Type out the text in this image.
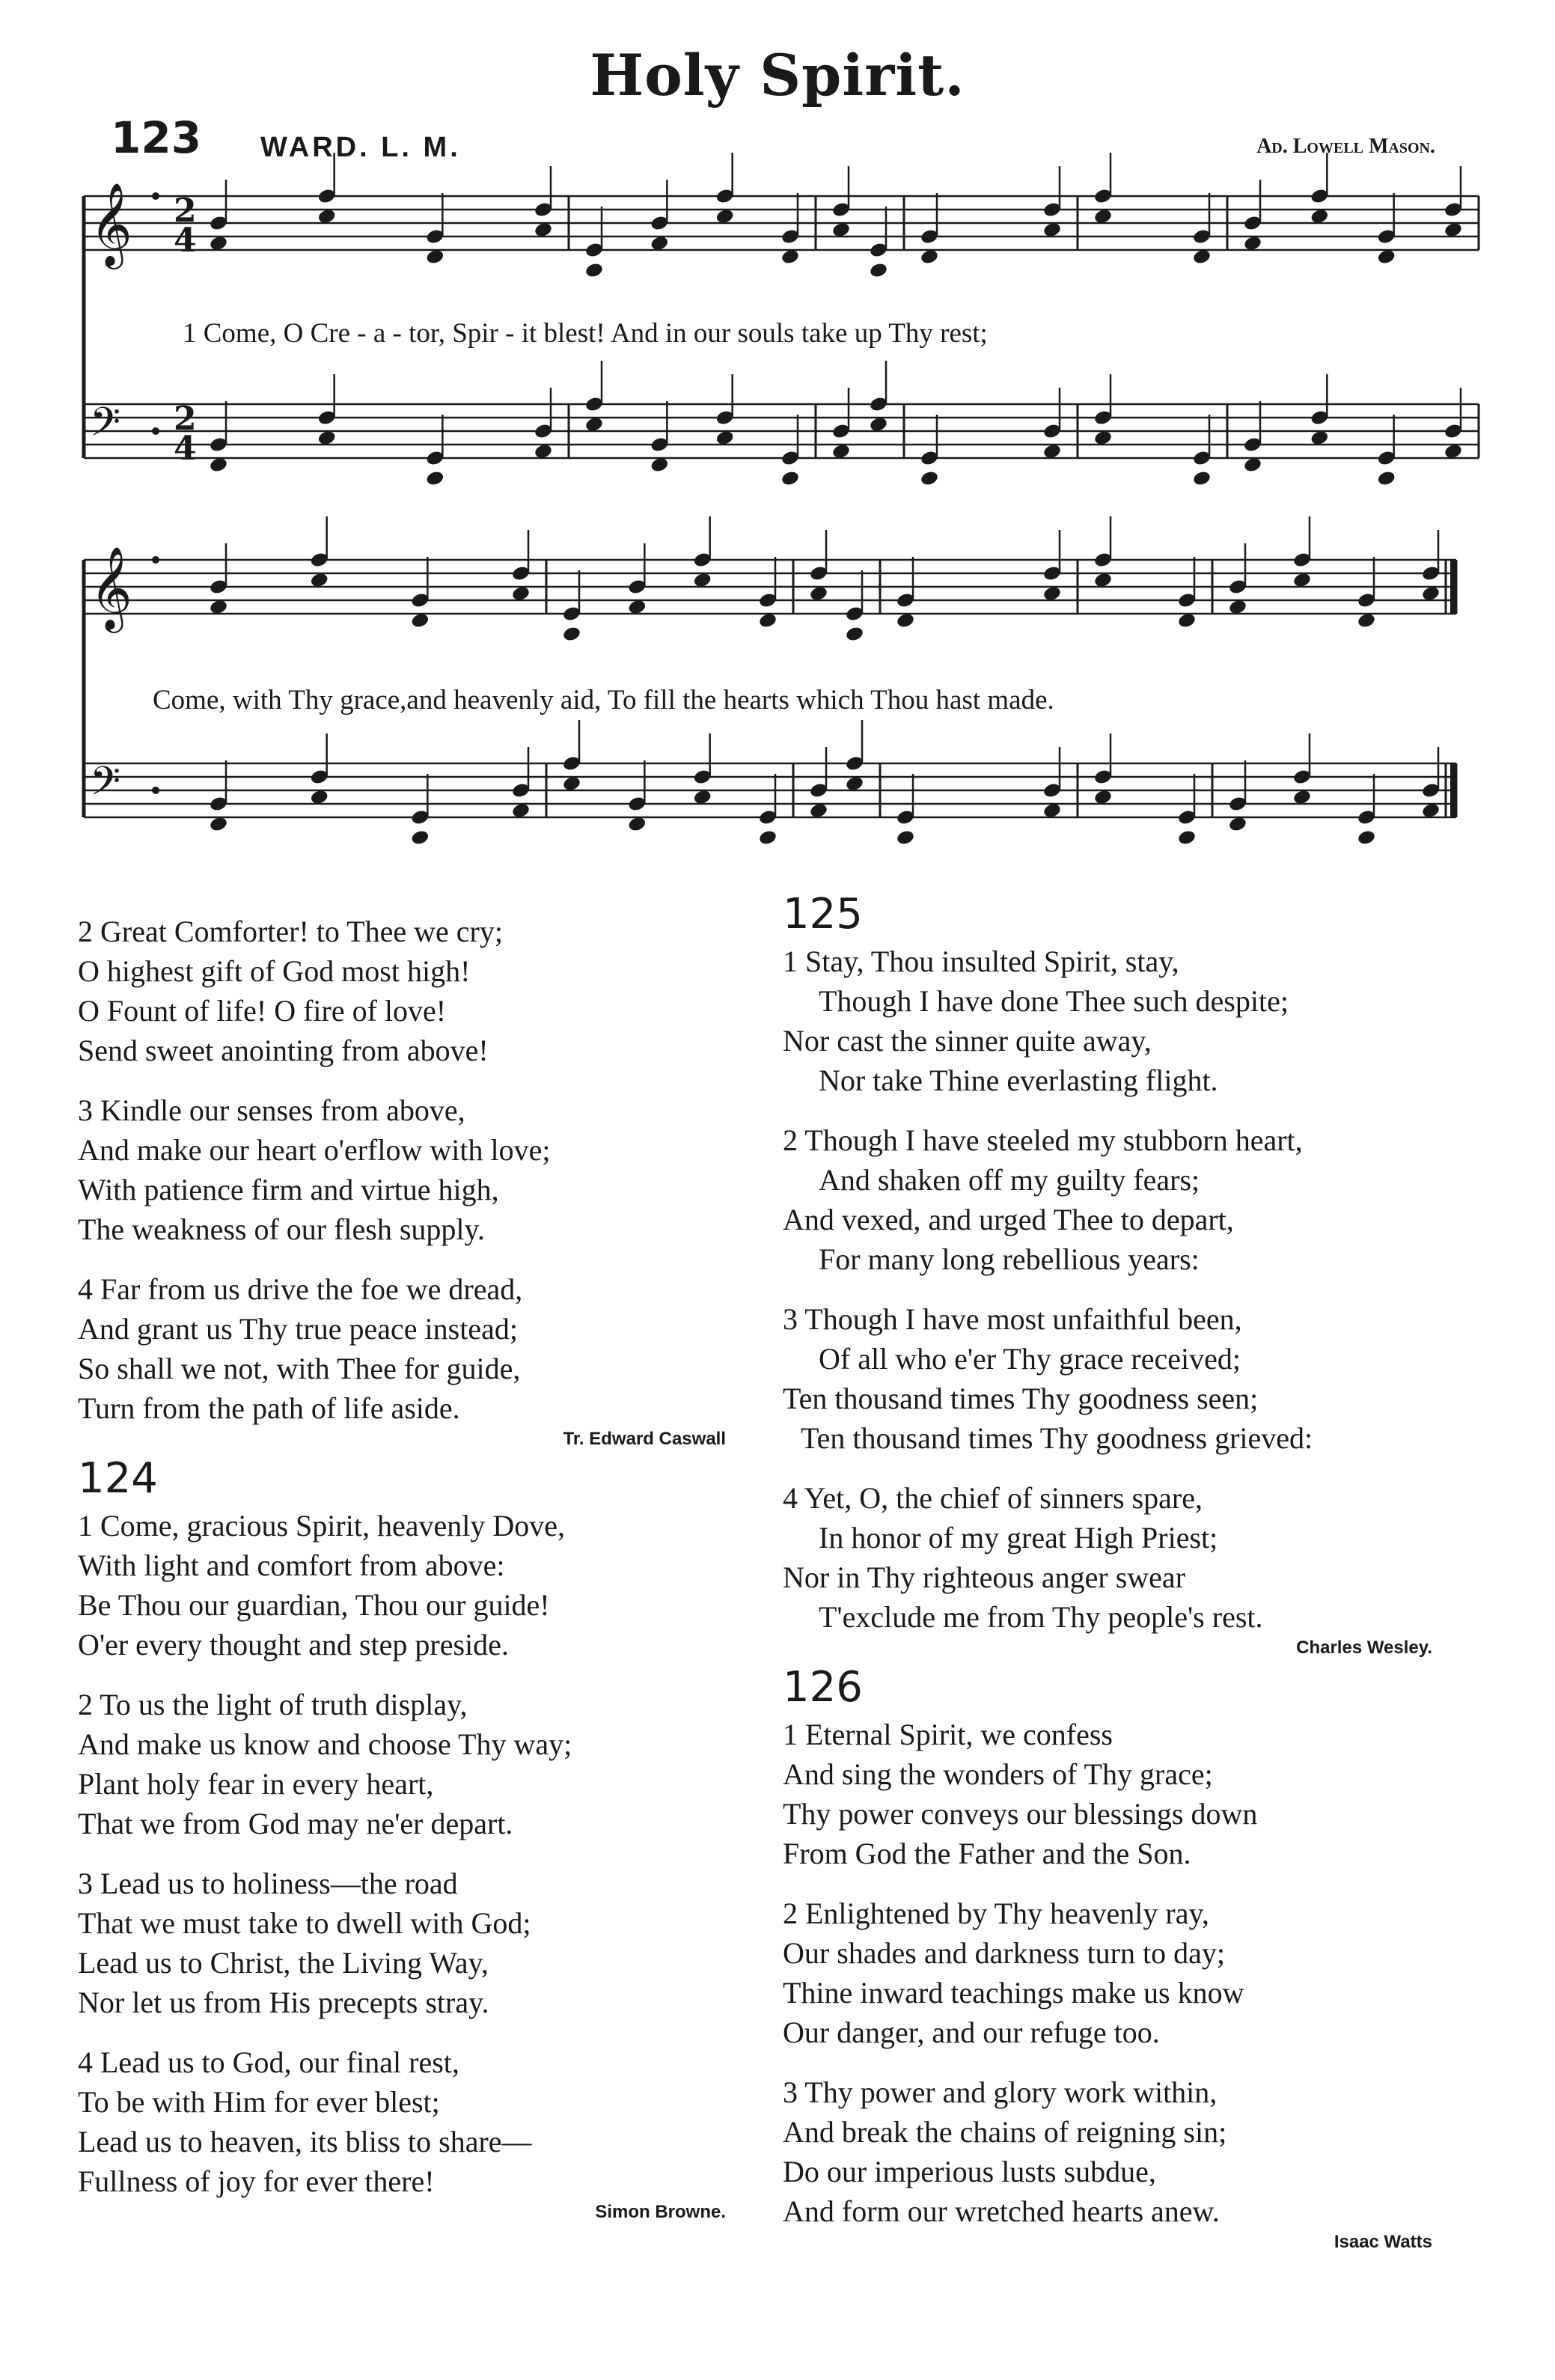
Holy Spirit.
123 WARD. L. M.	Ad. Lowell Mason.
𝄞 2
4
𝄢 2
4
𝄞
𝄢
1 Come, O Cre - a - tor, Spir - it blest! And in our souls take up Thy rest;
Come, with Thy grace,and heavenly aid, To fill the hearts which Thou hast made.
2 Great Comforter! to Thee we cry;
O highest gift of God most high!
O Fount of life! O fire of love!
Send sweet anointing from above!
3 Kindle our senses from above,
And make our heart o'erflow with love;
With patience firm and virtue high,
The weakness of our flesh supply.
4 Far from us drive the foe we dread,
And grant us Thy true peace instead;
So shall we not, with Thee for guide,
Turn from the path of life aside.
Tr. Edward Caswall
124
1 Come, gracious Spirit, heavenly Dove,
With light and comfort from above:
Be Thou our guardian, Thou our guide!
O'er every thought and step preside.
2 To us the light of truth display,
And make us know and choose Thy way;
Plant holy fear in every heart,
That we from God may ne'er depart.
3 Lead us to holiness—the road
That we must take to dwell with God;
Lead us to Christ, the Living Way,
Nor let us from His precepts stray.
4 Lead us to God, our final rest,
To be with Him for ever blest;
Lead us to heaven, its bliss to share—
Fullness of joy for ever there!
Simon Browne.
125
1 Stay, Thou insulted Spirit, stay,
Though I have done Thee such despite;
Nor cast the sinner quite away,
Nor take Thine everlasting flight.
2 Though I have steeled my stubborn heart,
And shaken off my guilty fears;
And vexed, and urged Thee to depart,
For many long rebellious years:
3 Though I have most unfaithful been,
Of all who e'er Thy grace received;
Ten thousand times Thy goodness seen;
Ten thousand times Thy goodness grieved:
4 Yet, O, the chief of sinners spare,
In honor of my great High Priest;
Nor in Thy righteous anger swear
T'exclude me from Thy people's rest.
Charles Wesley.
126
1 Eternal Spirit, we confess
And sing the wonders of Thy grace;
Thy power conveys our blessings down
From God the Father and the Son.
2 Enlightened by Thy heavenly ray,
Our shades and darkness turn to day;
Thine inward teachings make us know
Our danger, and our refuge too.
3 Thy power and glory work within,
And break the chains of reigning sin;
Do our imperious lusts subdue,
And form our wretched hearts anew.
Isaac Watts
